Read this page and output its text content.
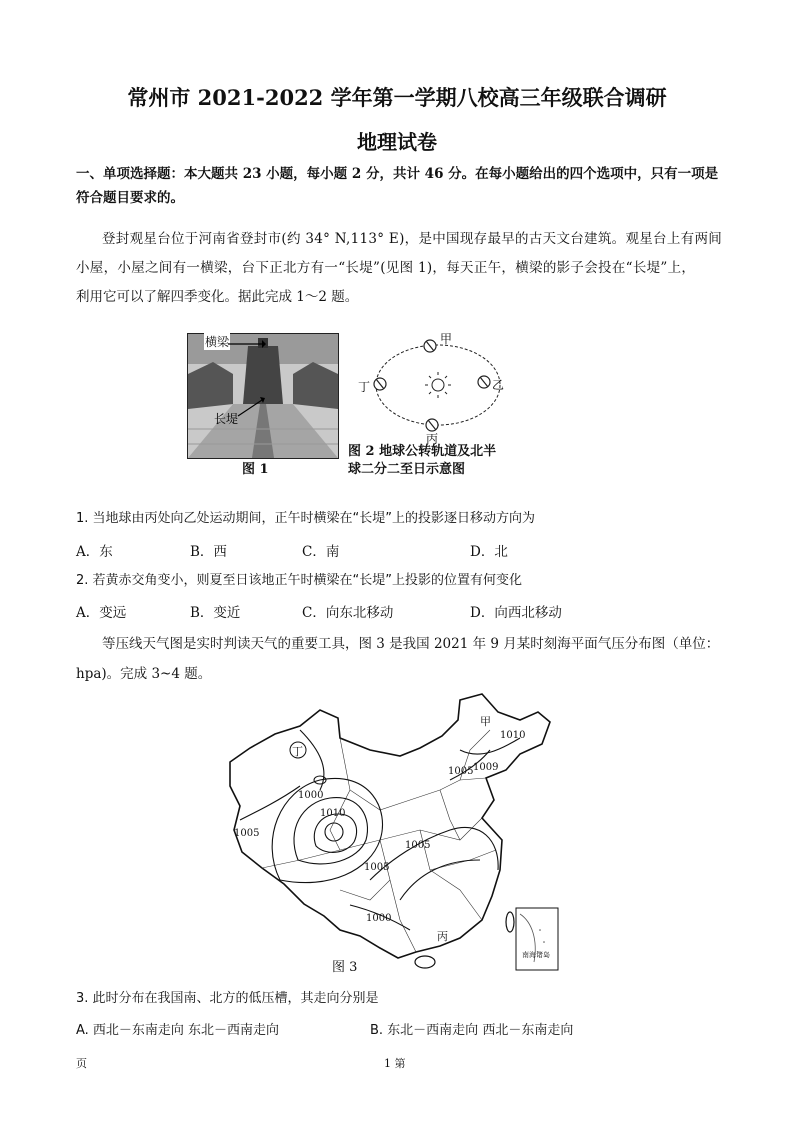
常州市 2021-2022 学年第一学期八校高三年级联合调研
地理试卷
一、单项选择题：本大题共 23 小题，每小题 2 分，共计 46 分。在每小题给出的四个选项中，只有一项是
符合题目要求的。
登封观星台位于河南省登封市(约 34° N,113° E)，是中国现存最早的古天文台建筑。观星台上有两间
小屋，小屋之间有一横梁，台下正北方有一“长堤”(见图 1)，每天正午，横梁的影子会投在“长堤”上，
利用它可以了解四季变化。据此完成 1～2 题。
横梁
长堤
图 1
甲
乙
丙
丁
图 2 地球公转轨道及北半
球二分二至日示意图
1. 当地球由丙处向乙处运动期间，正午时横梁在“长堤”上的投影逐日移动方向为
A．东	B．西	C．南	D．北
2. 若黄赤交角变小，则夏至日该地正午时横梁在“长堤”上投影的位置有何变化
A．变远	B．变近	C．向东北移动	D．向西北移动
等压线天气图是实时判读天气的重要工具，图 3 是我国 2021 年 9 月某时刻海平面气压分布图（单位：
hpa)。完成 3~4 题。
丁
甲
丙
1010
1005 1009
1000
1010
1005
1005
1005
1000
南海诸岛
图 3
3. 此时分布在我国南、北方的低压槽，其走向分别是
A. 西北－东南走向 东北－西南走向	B. 东北－西南走向 西北－东南走向
页	1 第
